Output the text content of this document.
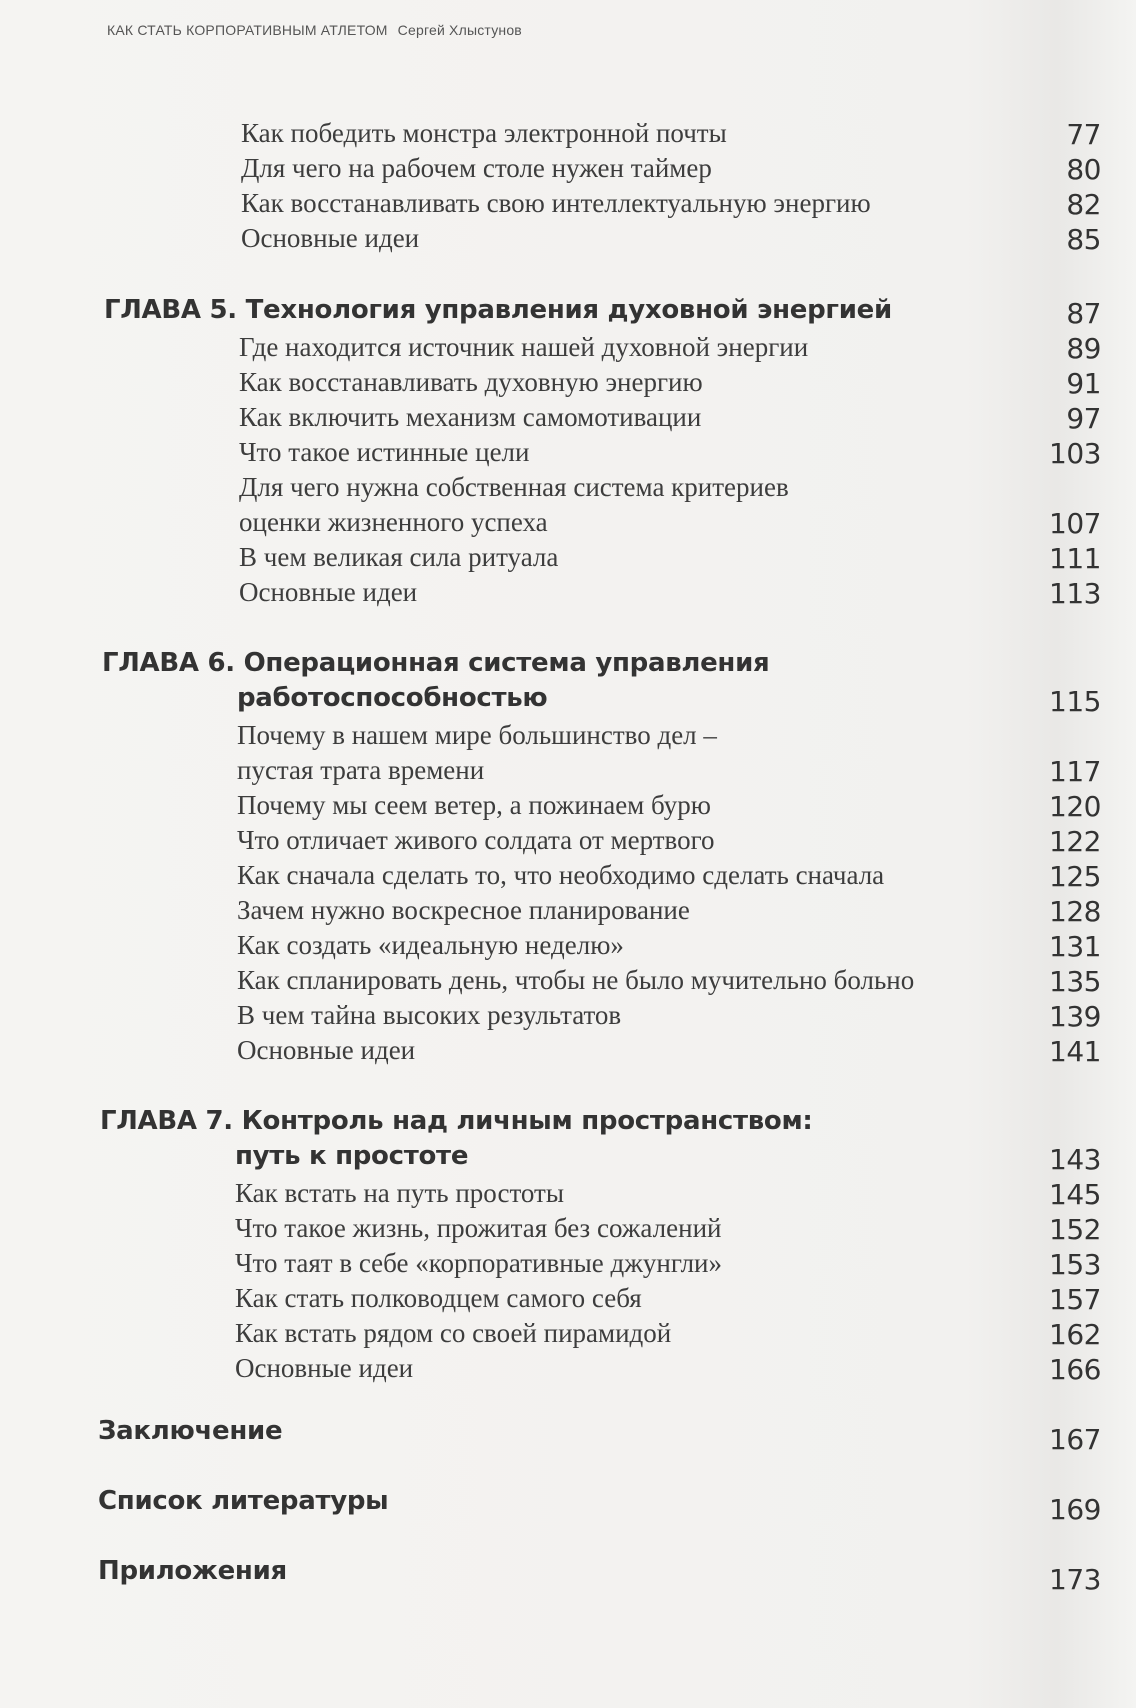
КАК СТАТЬ КОРПОРАТИВНЫМ АТЛЕТОМ Сергей Хлыстунов
Как победить монстра электронной почты	77
Для чего на рабочем столе нужен таймер	80
Как восстанавливать свою интеллектуальную энергию	82
Основные идеи	85
ГЛАВА 5. Технология управления духовной энергией	87
Где находится источник нашей духовной энергии	89
Как восстанавливать духовную энергию	91
Как включить механизм самомотивации	97
Что такое истинные цели	103
Для чего нужна собственная система критериев
оценки жизненного успеха	107
В чем великая сила ритуала	111
Основные идеи	113
ГЛАВА 6. Операционная система управления
работоспособностью	115
Почему в нашем мире большинство дел –
пустая трата времени	117
Почему мы сеем ветер, а пожинаем бурю	120
Что отличает живого солдата от мертвого	122
Как сначала сделать то, что необходимо сделать сначала	125
Зачем нужно воскресное планирование	128
Как создать «идеальную неделю»	131
Как спланировать день, чтобы не было мучительно больно	135
В чем тайна высоких результатов	139
Основные идеи	141
ГЛАВА 7. Контроль над личным пространством:
путь к простоте	143
Как встать на путь простоты	145
Что такое жизнь, прожитая без сожалений	152
Что таят в себе «корпоративные джунгли»	153
Как стать полководцем самого себя	157
Как встать рядом со своей пирамидой	162
Основные идеи	166
Заключение	167
Список литературы	169
Приложения	173
